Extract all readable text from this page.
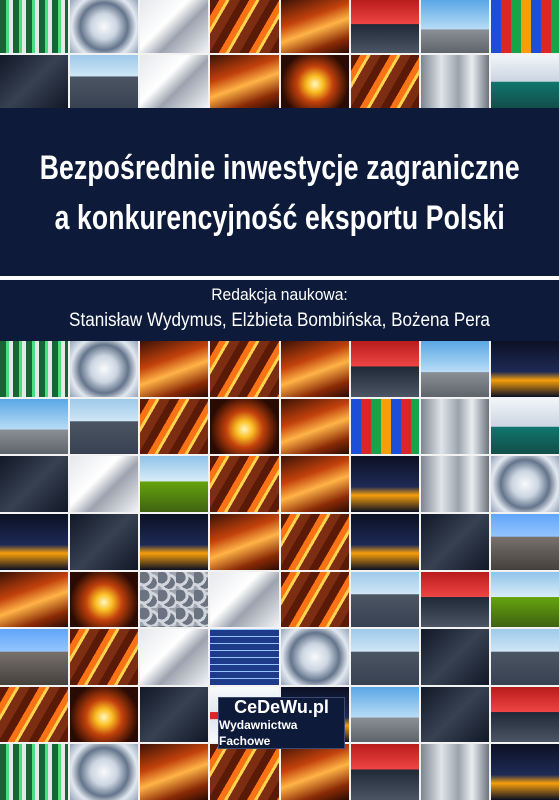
Bezpośrednie inwestycje zagraniczne
a konkurencyjność eksportu Polski
Redakcja naukowa:
Stanisław Wydymus, Elżbieta Bombińska, Bożena Pera
CeDeWu.pl
Wydawnictwa Fachowe
